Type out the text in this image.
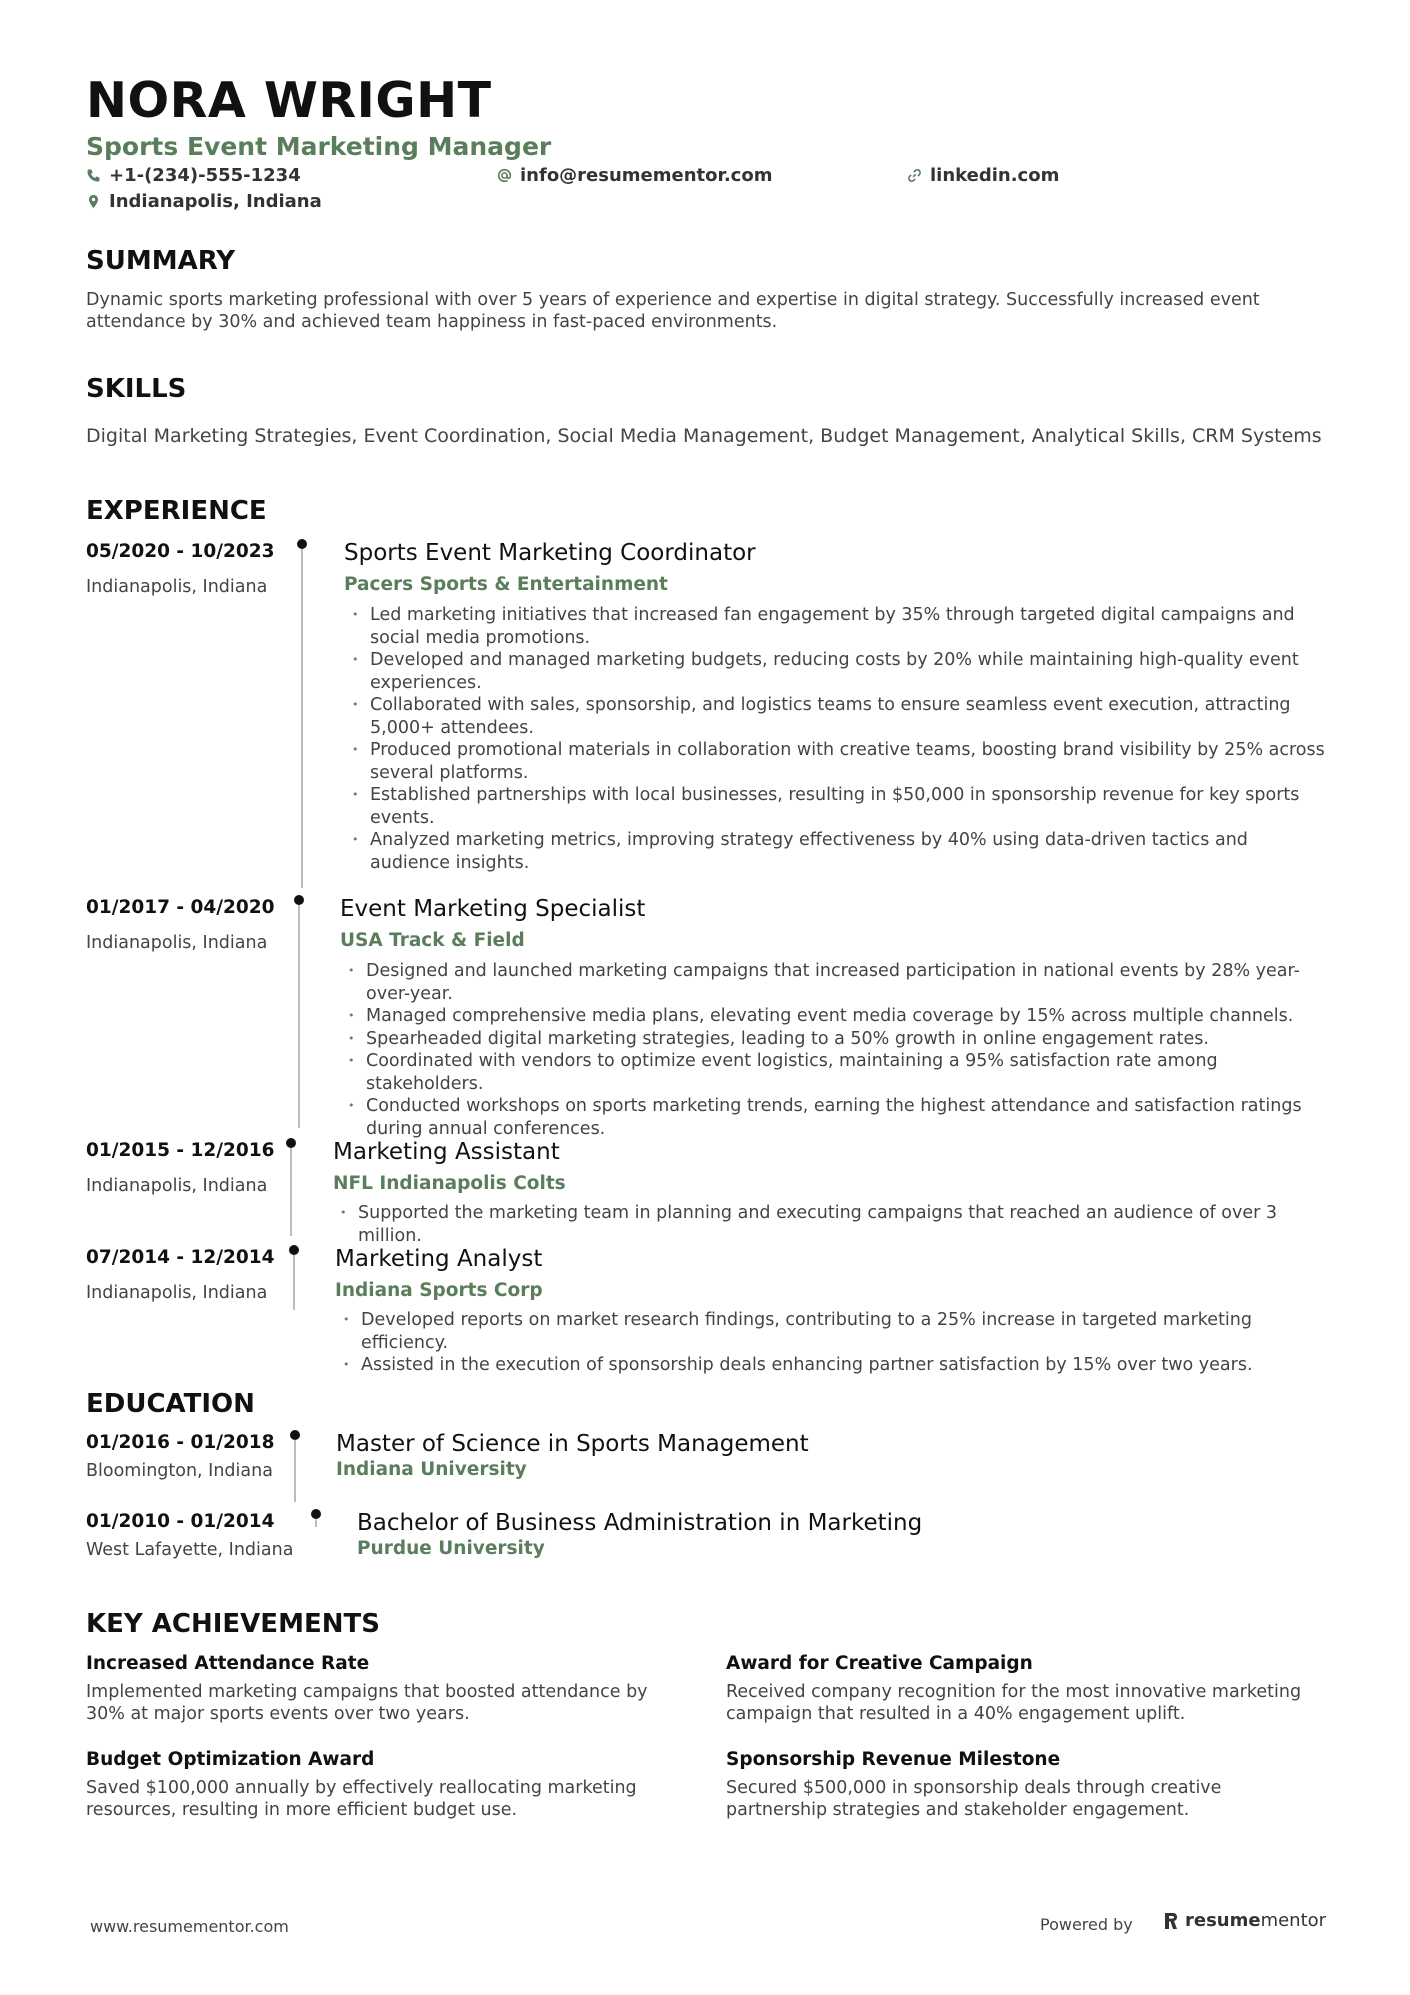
NORA WRIGHT
Sports Event Marketing Manager
+1-(234)-555-1234	info@resumementor.com	linkedin.com
Indianapolis, Indiana
SUMMARY
Dynamic sports marketing professional with over 5 years of experience and expertise in digital strategy. Successfully increased event attendance by 30% and achieved team happiness in fast-paced environments.
SKILLS
Digital Marketing Strategies, Event Coordination, Social Media Management, Budget Management, Analytical Skills, CRM Systems
EXPERIENCE
05/2020 - 10/2023
Indianapolis, Indiana
Sports Event Marketing Coordinator
Pacers Sports & Entertainment
• Led marketing initiatives that increased fan engagement by 35% through targeted digital campaigns and social media promotions.
• Developed and managed marketing budgets, reducing costs by 20% while maintaining high-quality event experiences.
• Collaborated with sales, sponsorship, and logistics teams to ensure seamless event execution, attracting 5,000+ attendees.
• Produced promotional materials in collaboration with creative teams, boosting brand visibility by 25% across several platforms.
• Established partnerships with local businesses, resulting in $50,000 in sponsorship revenue for key sports events.
• Analyzed marketing metrics, improving strategy effectiveness by 40% using data-driven tactics and audience insights.
01/2017 - 04/2020
Indianapolis, Indiana
Event Marketing Specialist
USA Track & Field
• Designed and launched marketing campaigns that increased participation in national events by 28% year-over-year.
• Managed comprehensive media plans, elevating event media coverage by 15% across multiple channels.
• Spearheaded digital marketing strategies, leading to a 50% growth in online engagement rates.
• Coordinated with vendors to optimize event logistics, maintaining a 95% satisfaction rate among stakeholders.
• Conducted workshops on sports marketing trends, earning the highest attendance and satisfaction ratings during annual conferences.
01/2015 - 12/2016
Indianapolis, Indiana
Marketing Assistant
NFL Indianapolis Colts
• Supported the marketing team in planning and executing campaigns that reached an audience of over 3 million.
07/2014 - 12/2014
Indianapolis, Indiana
Marketing Analyst
Indiana Sports Corp
• Developed reports on market research findings, contributing to a 25% increase in targeted marketing efficiency.
• Assisted in the execution of sponsorship deals enhancing partner satisfaction by 15% over two years.
EDUCATION
01/2016 - 01/2018
Bloomington, Indiana
Master of Science in Sports Management
Indiana University
01/2010 - 01/2014
West Lafayette, Indiana
Bachelor of Business Administration in Marketing
Purdue University
KEY ACHIEVEMENTS
Increased Attendance Rate
Implemented marketing campaigns that boosted attendance by 30% at major sports events over two years.
Award for Creative Campaign
Received company recognition for the most innovative marketing campaign that resulted in a 40% engagement uplift.
Budget Optimization Award
Saved $100,000 annually by effectively reallocating marketing resources, resulting in more efficient budget use.
Sponsorship Revenue Milestone
Secured $500,000 in sponsorship deals through creative partnership strategies and stakeholder engagement.
www.resumementor.com	Powered by	resumementor
